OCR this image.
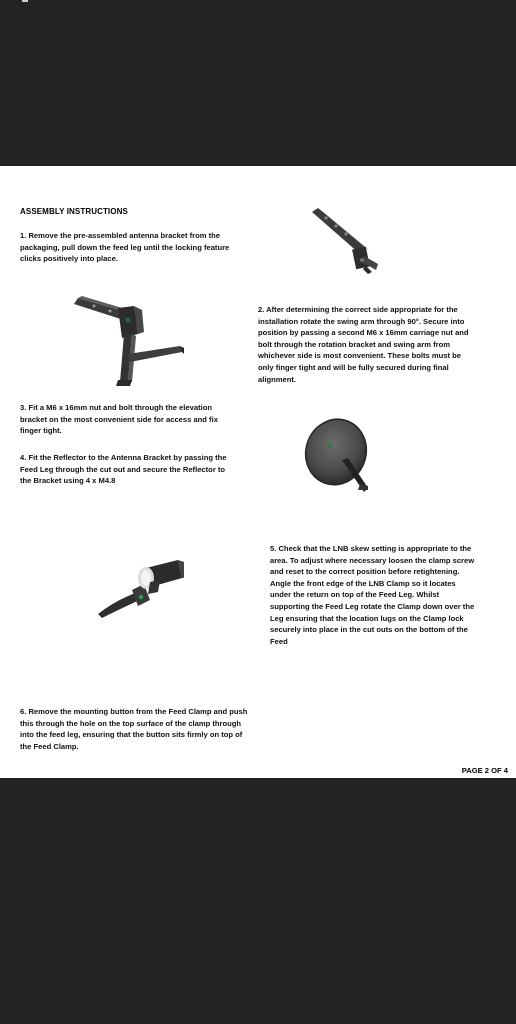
ASSEMBLY INSTRUCTIONS

1. Remove the pre-assembled antenna bracket from the packaging, pull down the feed leg until the locking feature clicks positively into place.

2. After determining the correct side appropriate for the installation rotate the swing arm through 90°. Secure into position by passing a second M6 x 16mm carriage nut and bolt through the rotation bracket and swing arm from whichever side is most convenient. These bolts must be only finger tight and will be fully secured during final alignment.

3. Fit a M6 x 16mm nut and bolt through the elevation bracket on the most convenient side for access and fix finger tight.

4. Fit the Reflector to the Antenna Bracket by passing the Feed Leg through the cut out and secure the Reflector to the Bracket using 4 x M4.8

5. Check that the LNB skew setting is appropriate to the area. To adjust where necessary loosen the clamp screw and reset to the correct position before retightening. Angle the front edge of the LNB Clamp so it locates under the return on top of the Feed Leg. Whilst supporting the Feed Leg rotate the Clamp down over the Leg ensuring that the location lugs on the Clamp lock securely into place in the cut outs on the bottom of the Feed

6. Remove the mounting button from the Feed Clamp and push this through the hole on the top surface of the clamp through into the feed leg, ensuring that the button sits firmly on top of the Feed Clamp.

PAGE 2 OF 4
